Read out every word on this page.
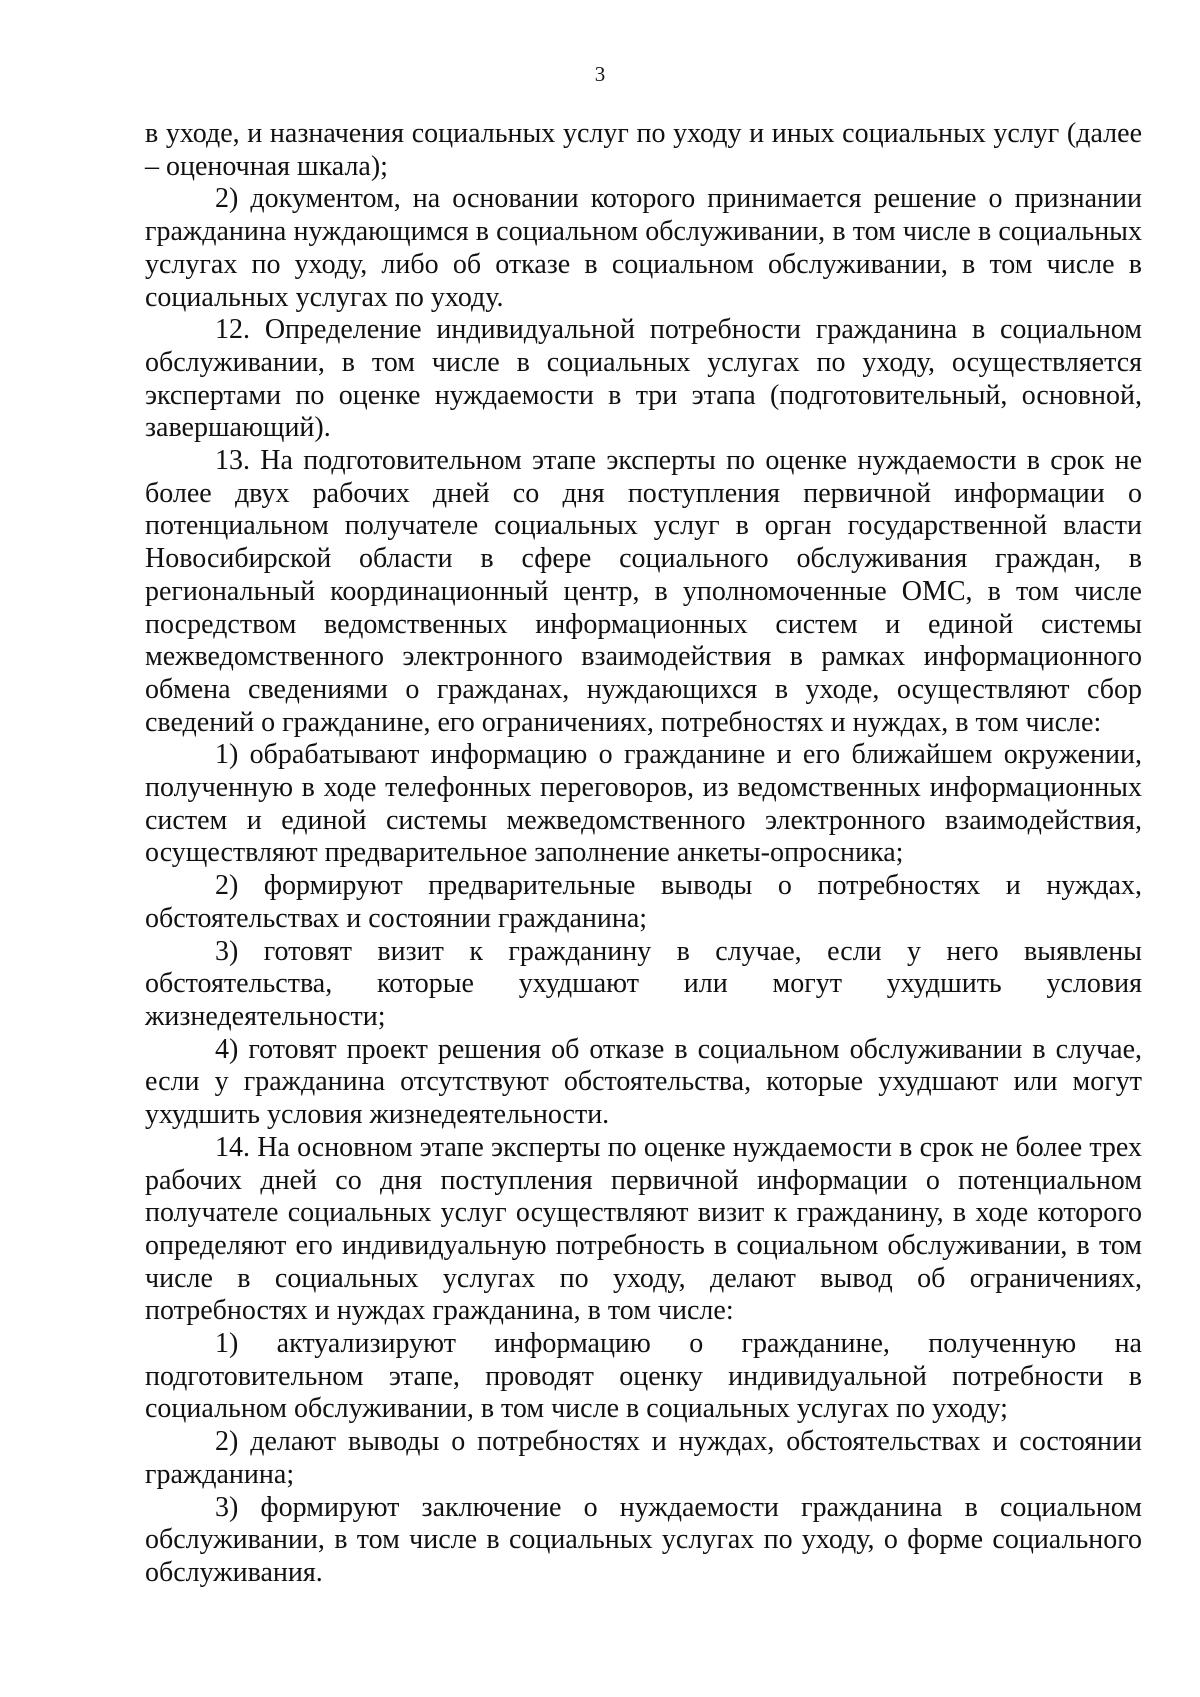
3

в уходе, и назначения социальных услуг по уходу и иных социальных услуг (далее – оценочная шкала);

2) документом, на основании которого принимается решение о признании гражданина нуждающимся в социальном обслуживании, в том числе в социальных услугах по уходу, либо об отказе в социальном обслуживании, в том числе в социальных услугах по уходу.

12. Определение индивидуальной потребности гражданина в социальном обслуживании, в том числе в социальных услугах по уходу, осуществляется экспертами по оценке нуждаемости в три этапа (подготовительный, основной, завершающий).

13. На подготовительном этапе эксперты по оценке нуждаемости в срок не более двух рабочих дней со дня поступления первичной информации о потенциальном получателе социальных услуг в орган государственной власти Новосибирской области в сфере социального обслуживания граждан, в региональный координационный центр, в уполномоченные ОМС, в том числе посредством ведомственных информационных систем и единой системы межведомственного электронного взаимодействия в рамках информационного обмена сведениями о гражданах, нуждающихся в уходе, осуществляют сбор сведений о гражданине, его ограничениях, потребностях и нуждах, в том числе:

1) обрабатывают информацию о гражданине и его ближайшем окружении, полученную в ходе телефонных переговоров, из ведомственных информационных систем и единой системы межведомственного электронного взаимодействия, осуществляют предварительное заполнение анкеты-опросника;

2) формируют предварительные выводы о потребностях и нуждах, обстоятельствах и состоянии гражданина;

3) готовят визит к гражданину в случае, если у него выявлены обстоятельства, которые ухудшают или могут ухудшить условия жизнедеятельности;

4) готовят проект решения об отказе в социальном обслуживании в случае, если у гражданина отсутствуют обстоятельства, которые ухудшают или могут ухудшить условия жизнедеятельности.

14. На основном этапе эксперты по оценке нуждаемости в срок не более трех рабочих дней со дня поступления первичной информации о потенциальном получателе социальных услуг осуществляют визит к гражданину, в ходе которого определяют его индивидуальную потребность в социальном обслуживании, в том числе в социальных услугах по уходу, делают вывод об ограничениях, потребностях и нуждах гражданина, в том числе:

1) актуализируют информацию о гражданине, полученную на подготовительном этапе, проводят оценку индивидуальной потребности в социальном обслуживании, в том числе в социальных услугах по уходу;

2) делают выводы о потребностях и нуждах, обстоятельствах и состоянии гражданина;

3) формируют заключение о нуждаемости гражданина в социальном обслуживании, в том числе в социальных услугах по уходу, о форме социального обслуживания.
